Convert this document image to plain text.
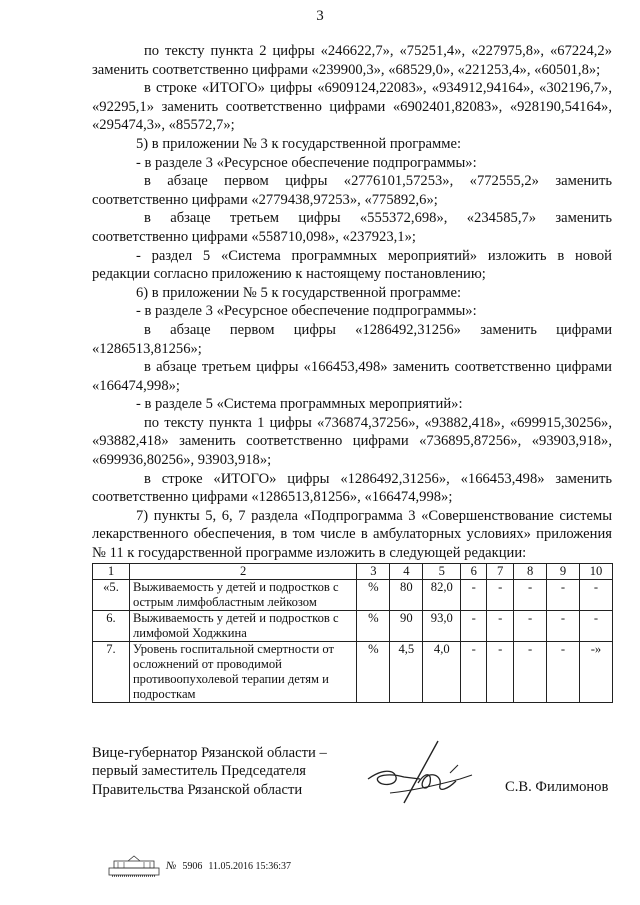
3

по тексту пункта 2 цифры «246622,7», «75251,4», «227975,8», «67224,2» заменить соответственно цифрами «239900,3», «68529,0», «221253,4», «60501,8»;

в строке «ИТОГО» цифры «6909124,22083», «934912,94164», «302196,7», «92295,1» заменить соответственно цифрами «6902401,82083», «928190,54164», «295474,3», «85572,7»;

5) в приложении № 3 к государственной программе:

- в разделе 3 «Ресурсное обеспечение подпрограммы»:

в абзаце первом цифры «2776101,57253», «772555,2» заменить соответственно цифрами «2779438,97253», «775892,6»;

в абзаце третьем цифры «555372,698», «234585,7» заменить соответственно цифрами «558710,098», «237923,1»;

- раздел 5 «Система программных мероприятий» изложить в новой редакции согласно приложению к настоящему постановлению;

6) в приложении № 5 к государственной программе:

- в разделе 3 «Ресурсное обеспечение подпрограммы»:

в абзаце первом цифры «1286492,31256» заменить цифрами «1286513,81256»;

в абзаце третьем цифры «166453,498» заменить соответственно цифрами «166474,998»;

- в разделе 5 «Система программных мероприятий»:

по тексту пункта 1 цифры «736874,37256», «93882,418», «699915,30256», «93882,418» заменить соответственно цифрами «736895,87256», «93903,918», «699936,80256», 93903,918»;

в строке «ИТОГО» цифры «1286492,31256», «166453,498» заменить соответственно цифрами «1286513,81256», «166474,998»;

7) пункты 5, 6, 7 раздела «Подпрограмма 3 «Совершенствование системы лекарственного обеспечения, в том числе в амбулаторных условиях» приложения № 11 к государственной программе изложить в следующей редакции:

1	2	3	4	5	6	7	8	9	10
«5.	Выживаемость у детей и подростков с острым лимфобластным лейкозом	%	80	82,0	-	-	-	-	-
6.	Выживаемость у детей и подростков с лимфомой Ходжкина	%	90	93,0	-	-	-	-	-
7.	Уровень госпитальной смертности от осложнений от проводимой противоопухолевой терапии детям и подросткам	%	4,5	4,0	-	-	-	-	-»
Вице-губернатор Рязанской области –
первый заместитель Председателя
Правительства Рязанской области	С.В. Филимонов
№ 5906 11.05.2016 15:36:37
